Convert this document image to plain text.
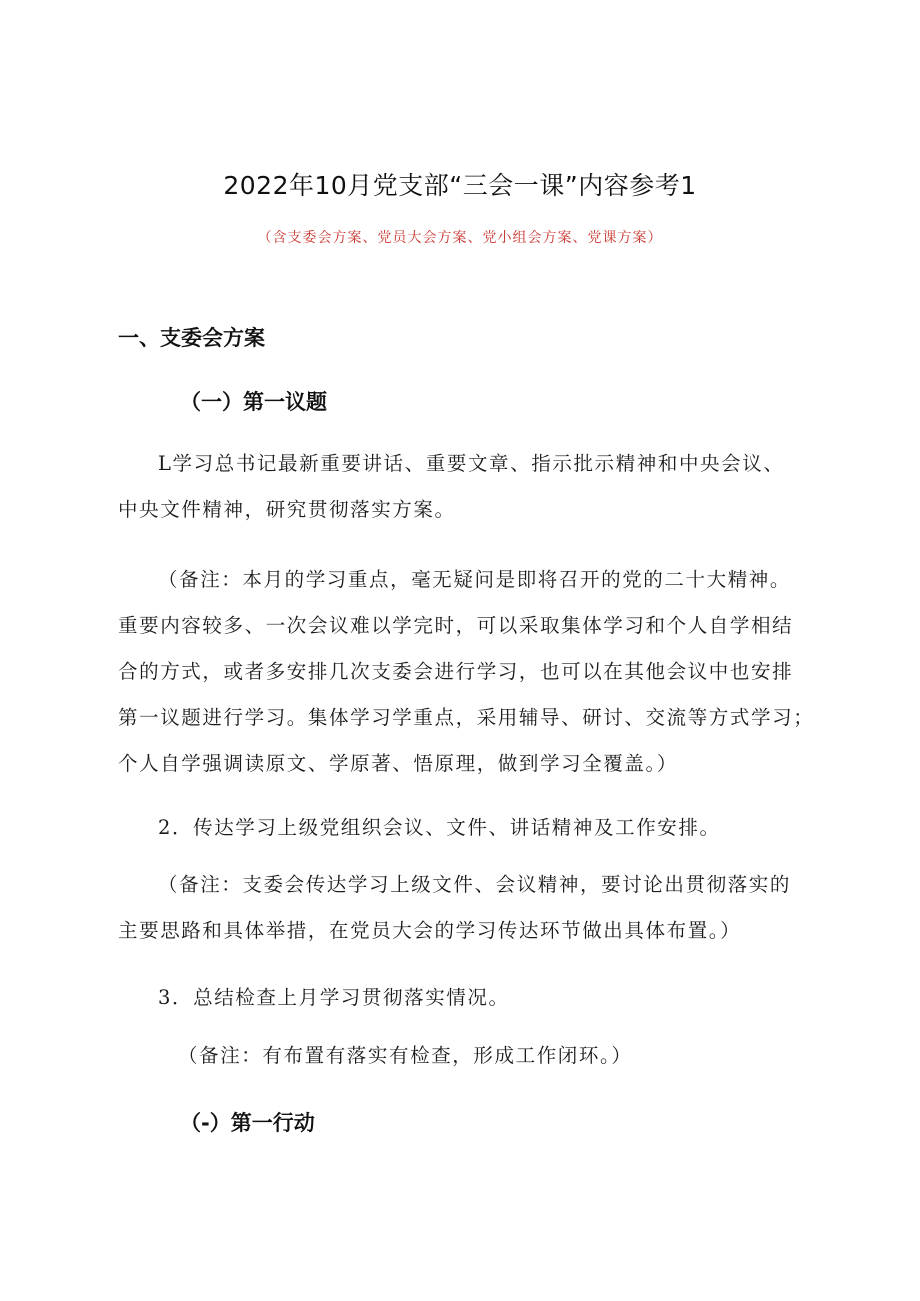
2022年10月党支部“三会一课”内容参考1
（含支委会方案、党员大会方案、党小组会方案、党课方案）
一、支委会方案
（一）第一议题

L学习总书记最新重要讲话、重要文章、指示批示精神和中央会议、
中央文件精神，研究贯彻落实方案。

（备注：本月的学习重点，毫无疑问是即将召开的党的二十大精神。
重要内容较多、一次会议难以学完时，可以采取集体学习和个人自学相结
合的方式，或者多安排几次支委会进行学习，也可以在其他会议中也安排
第一议题进行学习。集体学习学重点，采用辅导、研讨、交流等方式学习；
个人自学强调读原文、学原著、悟原理，做到学习全覆盖。）

2．传达学习上级党组织会议、文件、讲话精神及工作安排。

（备注：支委会传达学习上级文件、会议精神，要讨论出贯彻落实的
主要思路和具体举措，在党员大会的学习传达环节做出具体布置。）

3．总结检查上月学习贯彻落实情况。

（备注：有布置有落实有检查，形成工作闭环。）

（-）第一行动
